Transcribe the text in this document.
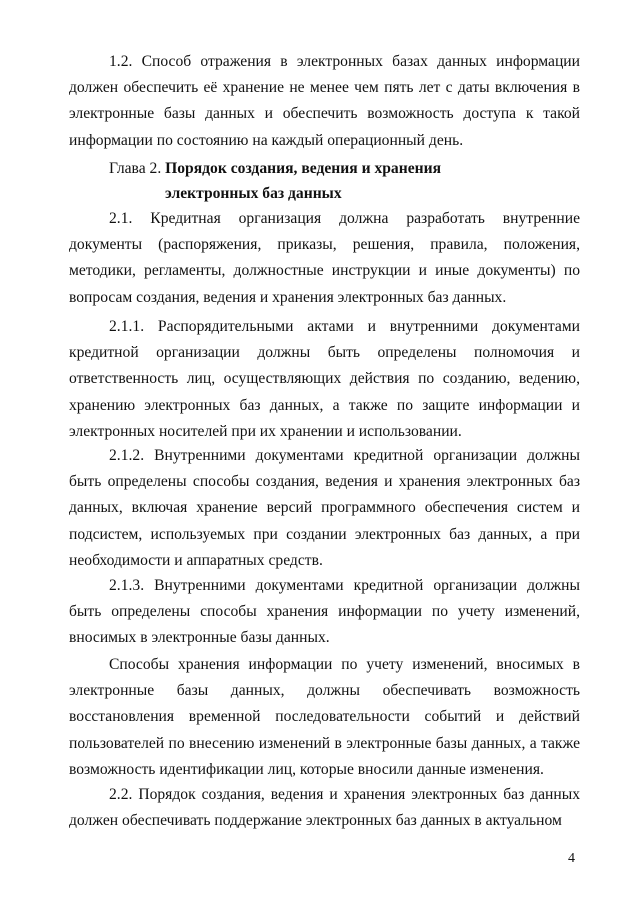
1.2. Способ отражения в электронных базах данных информации должен обеспечить её хранение не менее чем пять лет с даты включения в электронные базы данных и обеспечить возможность доступа к такой информации по состоянию на каждый операционный день.

Глава 2. Порядок создания, ведения и хранения

электронных баз данных

2.1. Кредитная организация должна разработать внутренние документы (распоряжения, приказы, решения, правила, положения, методики, регламенты, должностные инструкции и иные документы) по вопросам создания, ведения и хранения электронных баз данных.

2.1.1. Распорядительными актами и внутренними документами кредитной организации должны быть определены полномочия и ответственность лиц, осуществляющих действия по созданию, ведению, хранению электронных баз данных, а также по защите информации и электронных носителей при их хранении и использовании.

2.1.2. Внутренними документами кредитной организации должны быть определены способы создания, ведения и хранения электронных баз данных, включая хранение версий программного обеспечения систем и подсистем, используемых при создании электронных баз данных, а при необходимости и аппаратных средств.

2.1.3. Внутренними документами кредитной организации должны быть определены способы хранения информации по учету изменений, вносимых в электронные базы данных.

Способы хранения информации по учету изменений, вносимых в электронные базы данных, должны обеспечивать возможность восстановления временной последовательности событий и действий пользователей по внесению изменений в электронные базы данных, а также возможность идентификации лиц, которые вносили данные изменения.

2.2. Порядок создания, ведения и хранения электронных баз данных должен обеспечивать поддержание электронных баз данных в актуальном

4
